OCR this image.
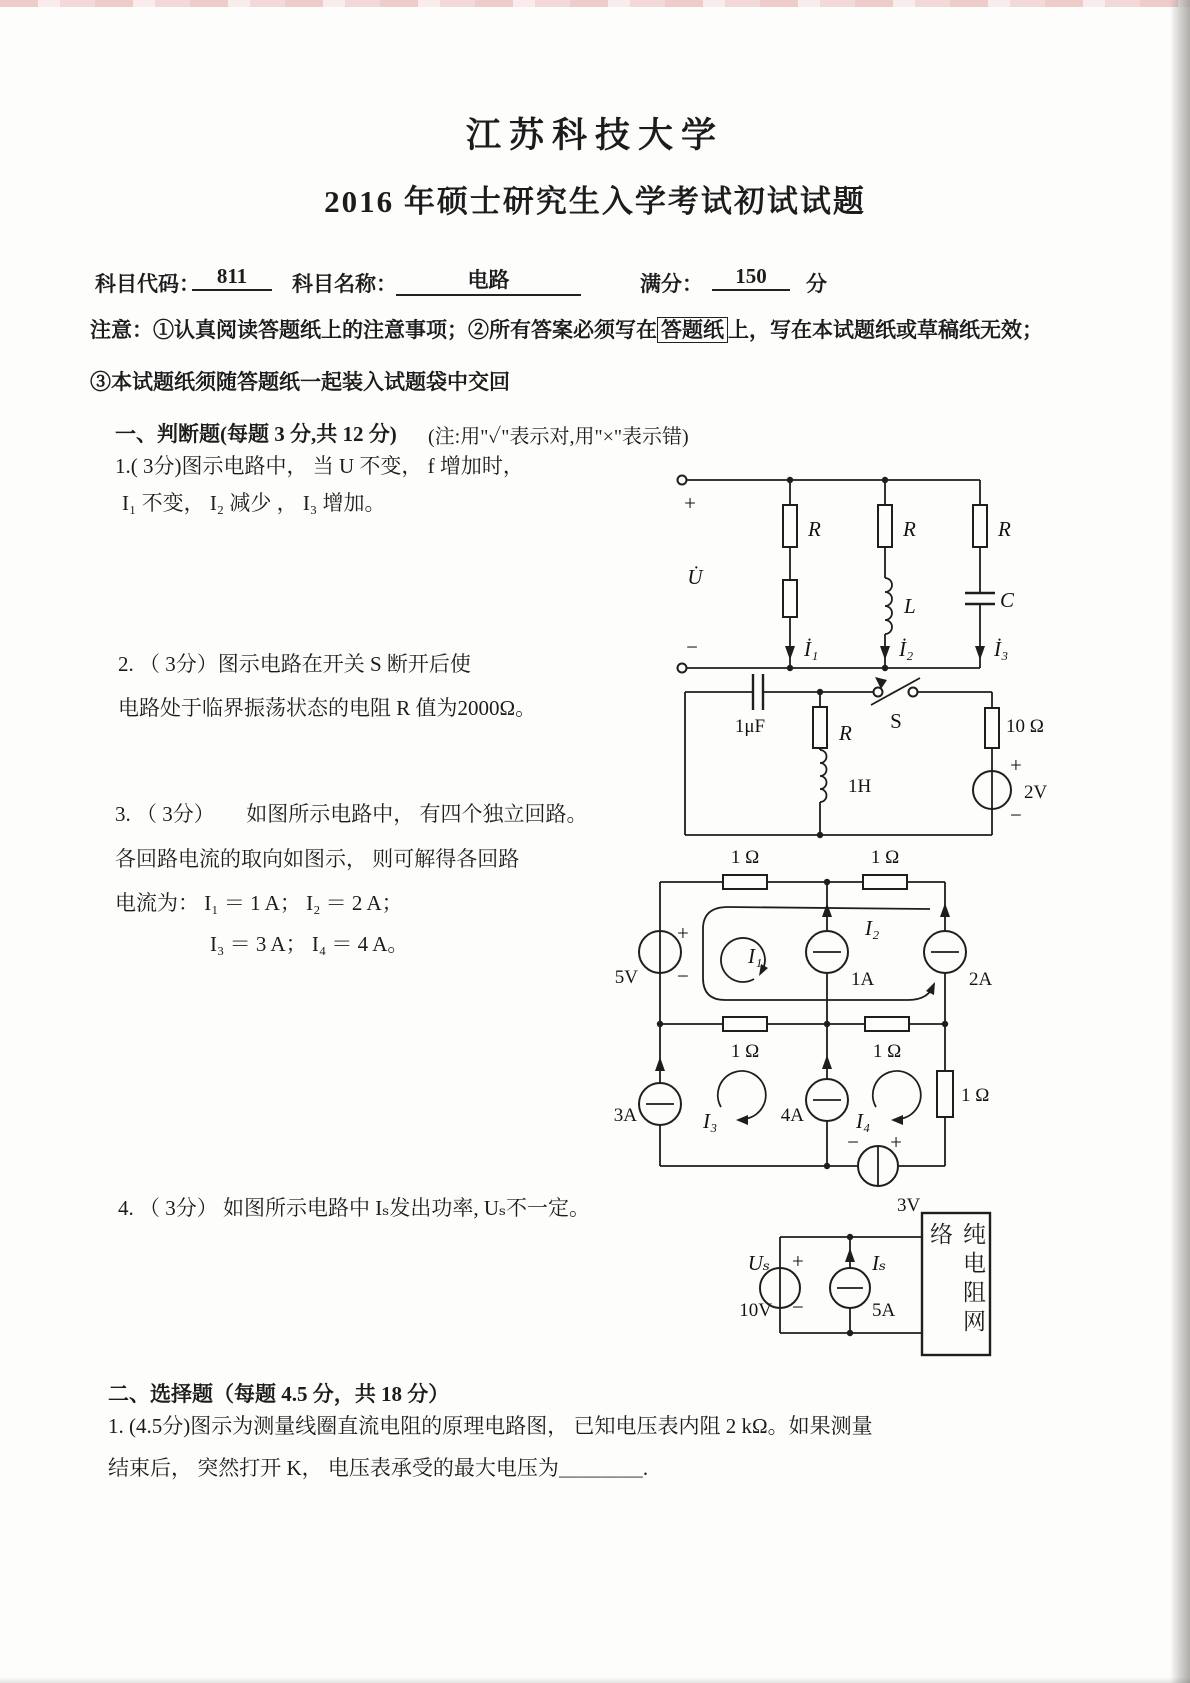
江苏科技大学
2016 年硕士研究生入学考试初试试题
科目代码： 811	科目名称：	电路	满分：	150	分
注意：①认真阅读答题纸上的注意事项；②所有答案必须写在 答题纸 上，写在本试题纸或草稿纸无效；
③本试题纸须随答题纸一起装入试题袋中交回
一、判断题(每题 3 分,共 12 分) (注:用"✓"表示对,用"×"表示错)
1.( 3分)图示电路中， 当 U 不变， f 增加时，
I₁ 不变， I₂ 减少 ， I₃ 增加。	+
U̇
−
R	R	R
L	C
İ₁	İ₂	İ₃
2. （ 3分）图示电路在开关 S 断开后使
电路处于临界振荡状态的电阻 R 值为2000Ω。
1μF	R
1H
S	10 Ω
+
2V
−
3. （ 3分）　　如图所示电路中， 有四个独立回路。
各回路电流的取向如图示， 则可解得各回路
电流为： I₁ ＝ 1 A； I₂ ＝ 2 A；
I₃ ＝ 3 A； I₄ ＝ 4 A。
1 Ω	1 Ω
1 Ω	1 Ω
1 Ω
+
−
5V	1A	2A
3A	4A
− +
3V
I₁
I₂
I₃	I₄
4. （ 3分） 如图所示电路中 Iₛ发出功率, Uₛ不一定。
Uₛ +
10V −
Iₛ
5A	纯电阻网络
二、选择题（每题 4.5 分，共 18 分）
1. (4.5分)图示为测量线圈直流电阻的原理电路图， 已知电压表内阻 2 kΩ。如果测量
结束后， 突然打开 K， 电压表承受的最大电压为＿＿＿＿.
